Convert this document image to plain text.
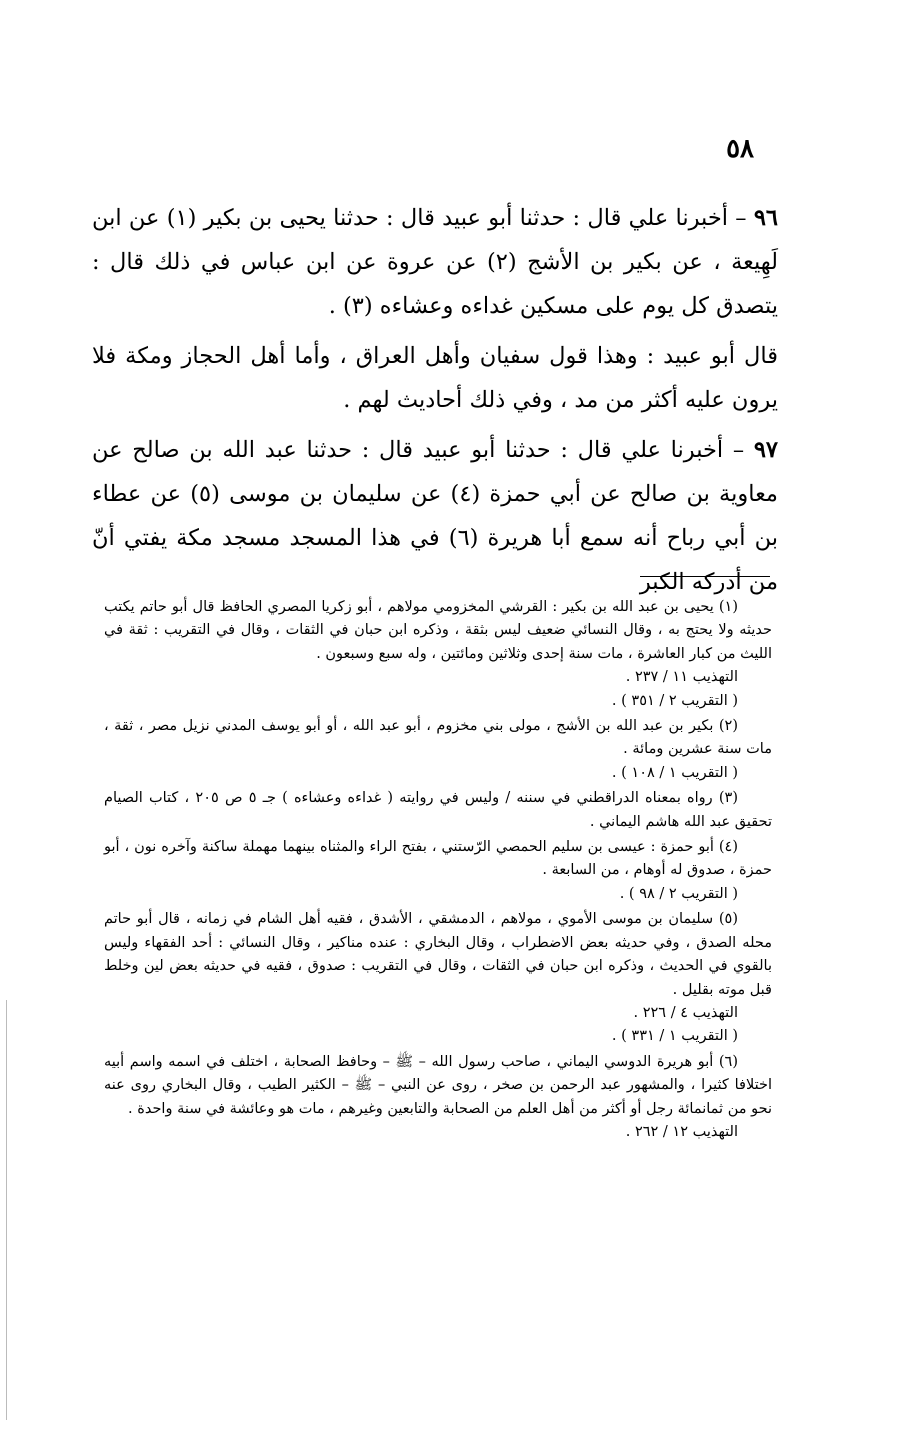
٥٨

٩٦ – أخبرنا علي قال : حدثنا أبو عبيد قال : حدثنا يحيى بن بكير (١) عن ابن لَهِيعة ، عن بكير بن الأشج (٢) عن عروة عن ابن عباس في ذلك قال : يتصدق كل يوم على مسكين غداءه وعشاءه (٣) .

قال أبو عبيد : وهذا قول سفيان وأهل العراق ، وأما أهل الحجاز ومكة فلا يرون عليه أكثر من مد ، وفي ذلك أحاديث لهم .

٩٧ – أخبرنا علي قال : حدثنا أبو عبيد قال : حدثنا عبد الله بن صالح عن معاوية بن صالح عن أبي حمزة (٤) عن سليمان بن موسى (٥) عن عطاء بن أبي رباح أنه سمع أبا هريرة (٦) في هذا المسجد مسجد مكة يفتي أنّ من أدركه الكبر

(١) يحيى بن عبد الله بن بكير : القرشي المخزومي مولاهم ، أبو زكريا المصري الحافظ قال أبو حاتم يكتب حديثه ولا يحتج به ، وقال النسائي ضعيف ليس بثقة ، وذكره ابن حبان في الثقات ، وقال في التقريب : ثقة في الليث من كبار العاشرة ، مات سنة إحدى وثلاثين ومائتين ، وله سبع وسبعون .

التهذيب ١١ / ٢٣٧ .

( التقريب ٢ / ٣٥١ ) .

(٢) بكير بن عبد الله بن الأشج ، مولى بني مخزوم ، أبو عبد الله ، أو أبو يوسف المدني نزيل مصر ، ثقة ، مات سنة عشرين ومائة .

( التقريب ١ / ١٠٨ ) .

(٣) رواه بمعناه الدراقطني في سننه / وليس في روايته ( غداءه وعشاءه ) جـ ٥ ص ٢٠٥ ، كتاب الصيام تحقيق عبد الله هاشم اليماني .

(٤) أبو حمزة : عيسى بن سليم الحمصي الرّستني ، بفتح الراء والمثناه بينهما مهملة ساكنة وآخره نون ، أبو حمزة ، صدوق له أوهام ، من السابعة .

( التقريب ٢ / ٩٨ ) .

(٥) سليمان بن موسى الأموي ، مولاهم ، الدمشقي ، الأشدق ، فقيه أهل الشام في زمانه ، قال أبو حاتم محله الصدق ، وفي حديثه بعض الاضطراب ، وقال البخاري : عنده مناكير ، وقال النسائي : أحد الفقهاء وليس بالقوي في الحديث ، وذكره ابن حبان في الثقات ، وقال في التقريب : صدوق ، فقيه في حديثه بعض لين وخلط قبل موته بقليل .

التهذيب ٤ / ٢٢٦ .

( التقريب ١ / ٣٣١ ) .

(٦) أبو هريرة الدوسي اليماني ، صاحب رسول الله – ﷺ – وحافظ الصحابة ، اختلف في اسمه واسم أبيه اختلافا كثيرا ، والمشهور عبد الرحمن بن صخر ، روى عن النبي – ﷺ – الكثير الطيب ، وقال البخاري روى عنه نحو من ثمانمائة رجل أو أكثر من أهل العلم من الصحابة والتابعين وغيرهم ، مات هو وعائشة في سنة واحدة .

التهذيب ١٢ / ٢٦٢ .
